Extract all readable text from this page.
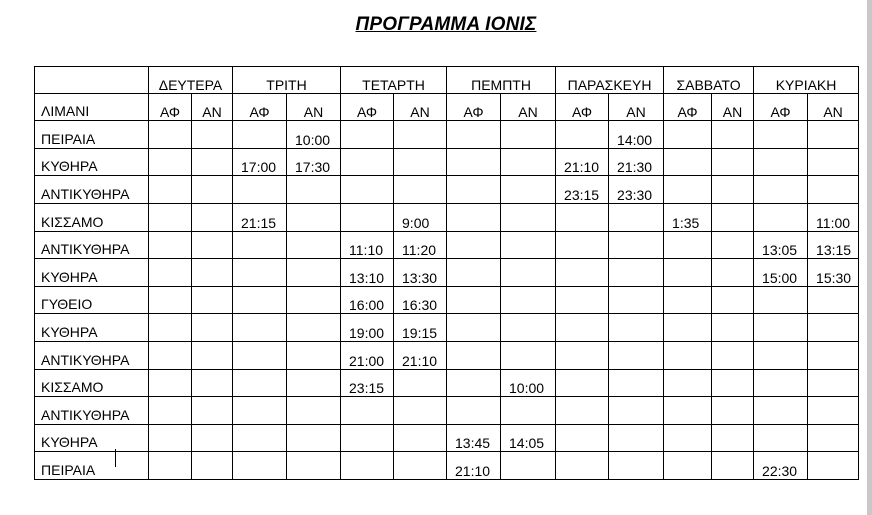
ΠΡΟΓΡΑΜΜΑ ΙΟΝΙΣ
	ΔΕΥΤΕΡΑ		ΤΡΙΤΗ		ΤΕΤΑΡΤΗ		ΠΕΜΠΤΗ		ΠΑΡΑΣΚΕΥΗ		ΣΑΒΒΑΤΟ		ΚΥΡΙΑΚΗ	
ΛΙΜΑΝΙ	ΑΦ	ΑΝ	ΑΦ	ΑΝ	ΑΦ	ΑΝ	ΑΦ	ΑΝ	ΑΦ	ΑΝ	ΑΦ	ΑΝ	ΑΦ	ΑΝ
ΠΕΙΡΑΙΑ				10:00						14:00				
ΚΥΘΗΡΑ			17:00	17:30					21:10	21:30				
ΑΝΤΙΚΥΘΗΡΑ									23:15	23:30				
ΚΙΣΣΑΜΟ			21:15			9:00					1:35			11:00
ΑΝΤΙΚΥΘΗΡΑ					11:10	11:20							13:05	13:15
ΚΥΘΗΡΑ					13:10	13:30							15:00	15:30
ΓΥΘΕΙΟ					16:00	16:30								
ΚΥΘΗΡΑ					19:00	19:15								
ΑΝΤΙΚΥΘΗΡΑ					21:00	21:10								
ΚΙΣΣΑΜΟ					23:15			10:00						
ΑΝΤΙΚΥΘΗΡΑ														
ΚΥΘΗΡΑ							13:45	14:05						
ΠΕΙΡΑΙΑ							21:10						22:30	
